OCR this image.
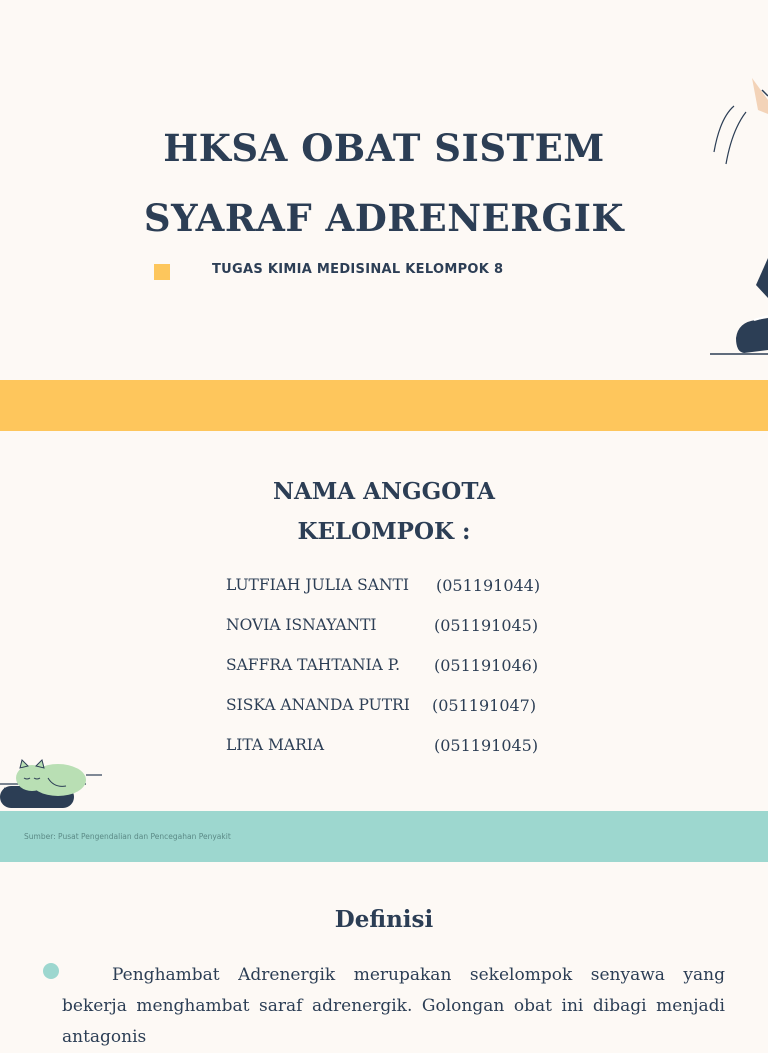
HKSA OBAT SISTEM
SYARAF ADRENERGIK
TUGAS KIMIA MEDISINAL KELOMPOK 8
NAMA ANGGOTA
KELOMPOK :
LUTFIAH JULIA SANTI (051191044)
NOVIA ISNAYANTI	(051191045)
SAFFRA TAHTANIA P. (051191046)
SISKA ANANDA PUTRI (051191047)
LITA MARIA	(051191045)
Sumber: Pusat Pengendalian dan Pencegahan Penyakit
Definisi

Penghambat Adrenergik merupakan sekelompok senyawa yang bekerja menghambat saraf adrenergik. Golongan obat ini dibagi menjadi antagonis
